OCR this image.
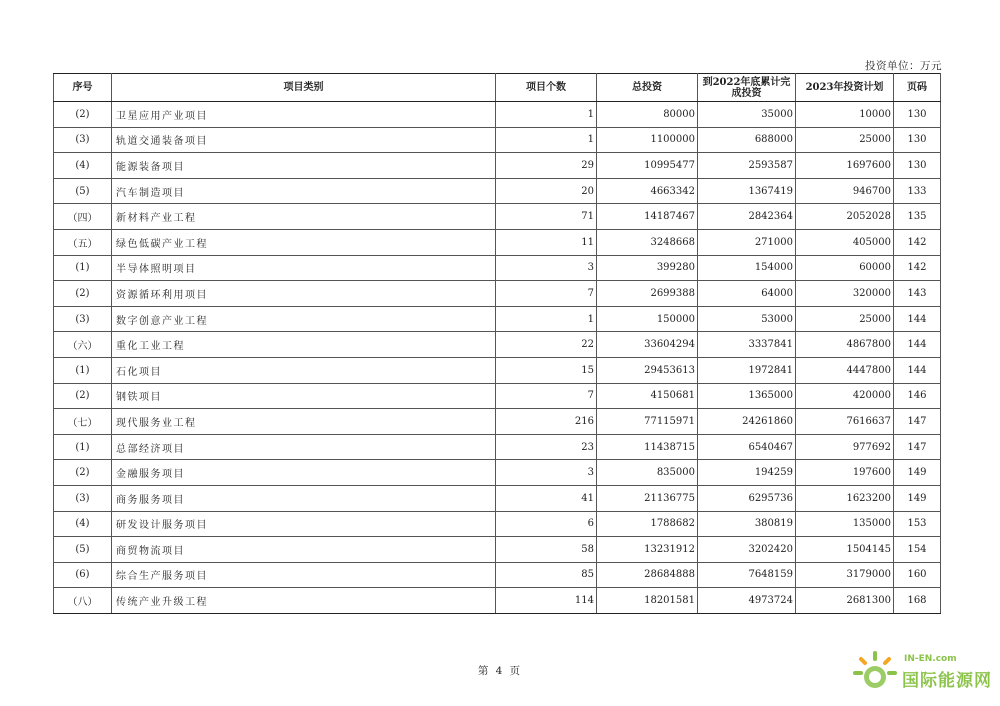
投资单位：万元
序号	项目类别	项目个数	总投资	到2022年底累计完成投资	2023年投资计划	页码
(2)	卫星应用产业项目	1	80000	35000	10000	130
(3)	轨道交通装备项目	1	1100000	688000	25000	130
(4)	能源装备项目	29	10995477	2593587	1697600	130
(5)	汽车制造项目	20	4663342	1367419	946700	133
（四）	新材料产业工程	71	14187467	2842364	2052028	135
（五）	绿色低碳产业工程	11	3248668	271000	405000	142
(1)	半导体照明项目	3	399280	154000	60000	142
(2)	资源循环利用项目	7	2699388	64000	320000	143
(3)	数字创意产业工程	1	150000	53000	25000	144
（六）	重化工业工程	22	33604294	3337841	4867800	144
(1)	石化项目	15	29453613	1972841	4447800	144
(2)	钢铁项目	7	4150681	1365000	420000	146
（七）	现代服务业工程	216	77115971	24261860	7616637	147
(1)	总部经济项目	23	11438715	6540467	977692	147
(2)	金融服务项目	3	835000	194259	197600	149
(3)	商务服务项目	41	21136775	6295736	1623200	149
(4)	研发设计服务项目	6	1788682	380819	135000	153
(5)	商贸物流项目	58	13231912	3202420	1504145	154
(6)	综合生产服务项目	85	28684888	7648159	3179000	160
（八）	传统产业升级工程	114	18201581	4973724	2681300	168
第 4 页
IN-EN.com
国际能源网
